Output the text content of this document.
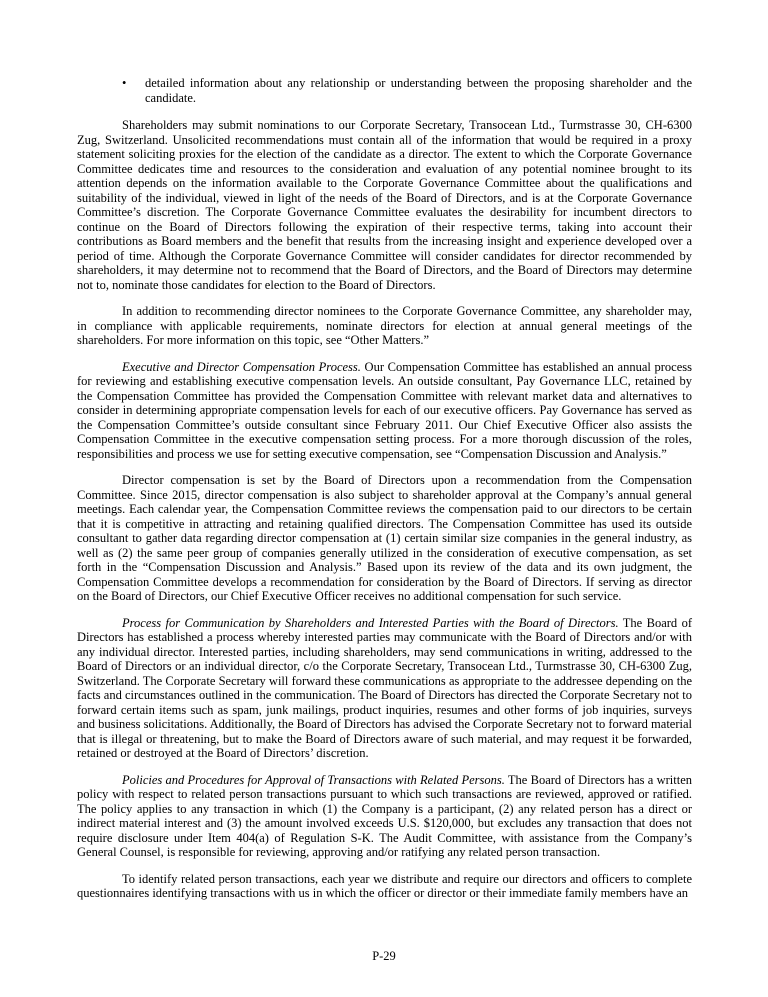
• detailed information about any relationship or understanding between the proposing shareholder and the candidate.

Shareholders may submit nominations to our Corporate Secretary, Transocean Ltd., Turmstrasse 30, CH-6300 Zug, Switzerland. Unsolicited recommendations must contain all of the information that would be required in a proxy statement soliciting proxies for the election of the candidate as a director. The extent to which the Corporate Governance Committee dedicates time and resources to the consideration and evaluation of any potential nominee brought to its attention depends on the information available to the Corporate Governance Committee about the qualifications and suitability of the individual, viewed in light of the needs of the Board of Directors, and is at the Corporate Governance Committee’s discretion. The Corporate Governance Committee evaluates the desirability for incumbent directors to continue on the Board of Directors following the expiration of their respective terms, taking into account their contributions as Board members and the benefit that results from the increasing insight and experience developed over a period of time. Although the Corporate Governance Committee will consider candidates for director recommended by shareholders, it may determine not to recommend that the Board of Directors, and the Board of Directors may determine not to, nominate those candidates for election to the Board of Directors.

In addition to recommending director nominees to the Corporate Governance Committee, any shareholder may, in compliance with applicable requirements, nominate directors for election at annual general meetings of the shareholders. For more information on this topic, see “Other Matters.”

Executive and Director Compensation Process. Our Compensation Committee has established an annual process for reviewing and establishing executive compensation levels. An outside consultant, Pay Governance LLC, retained by the Compensation Committee has provided the Compensation Committee with relevant market data and alternatives to consider in determining appropriate compensation levels for each of our executive officers. Pay Governance has served as the Compensation Committee’s outside consultant since February 2011. Our Chief Executive Officer also assists the Compensation Committee in the executive compensation setting process. For a more thorough discussion of the roles, responsibilities and process we use for setting executive compensation, see “Compensation Discussion and Analysis.”

Director compensation is set by the Board of Directors upon a recommendation from the Compensation Committee. Since 2015, director compensation is also subject to shareholder approval at the Company’s annual general meetings. Each calendar year, the Compensation Committee reviews the compensation paid to our directors to be certain that it is competitive in attracting and retaining qualified directors. The Compensation Committee has used its outside consultant to gather data regarding director compensation at (1) certain similar size companies in the general industry, as well as (2) the same peer group of companies generally utilized in the consideration of executive compensation, as set forth in the “Compensation Discussion and Analysis.” Based upon its review of the data and its own judgment, the Compensation Committee develops a recommendation for consideration by the Board of Directors. If serving as director on the Board of Directors, our Chief Executive Officer receives no additional compensation for such service.

Process for Communication by Shareholders and Interested Parties with the Board of Directors. The Board of Directors has established a process whereby interested parties may communicate with the Board of Directors and/or with any individual director. Interested parties, including shareholders, may send communications in writing, addressed to the Board of Directors or an individual director, c/o the Corporate Secretary, Transocean Ltd., Turmstrasse 30, CH-6300 Zug, Switzerland. The Corporate Secretary will forward these communications as appropriate to the addressee depending on the facts and circumstances outlined in the communication. The Board of Directors has directed the Corporate Secretary not to forward certain items such as spam, junk mailings, product inquiries, resumes and other forms of job inquiries, surveys and business solicitations. Additionally, the Board of Directors has advised the Corporate Secretary not to forward material that is illegal or threatening, but to make the Board of Directors aware of such material, and may request it be forwarded, retained or destroyed at the Board of Directors’ discretion.

Policies and Procedures for Approval of Transactions with Related Persons. The Board of Directors has a written policy with respect to related person transactions pursuant to which such transactions are reviewed, approved or ratified. The policy applies to any transaction in which (1) the Company is a participant, (2) any related person has a direct or indirect material interest and (3) the amount involved exceeds U.S. $120,000, but excludes any transaction that does not require disclosure under Item 404(a) of Regulation S-K. The Audit Committee, with assistance from the Company’s General Counsel, is responsible for reviewing, approving and/or ratifying any related person transaction.

To identify related person transactions, each year we distribute and require our directors and officers to complete questionnaires identifying transactions with us in which the officer or director or their immediate family members have an

P-29
